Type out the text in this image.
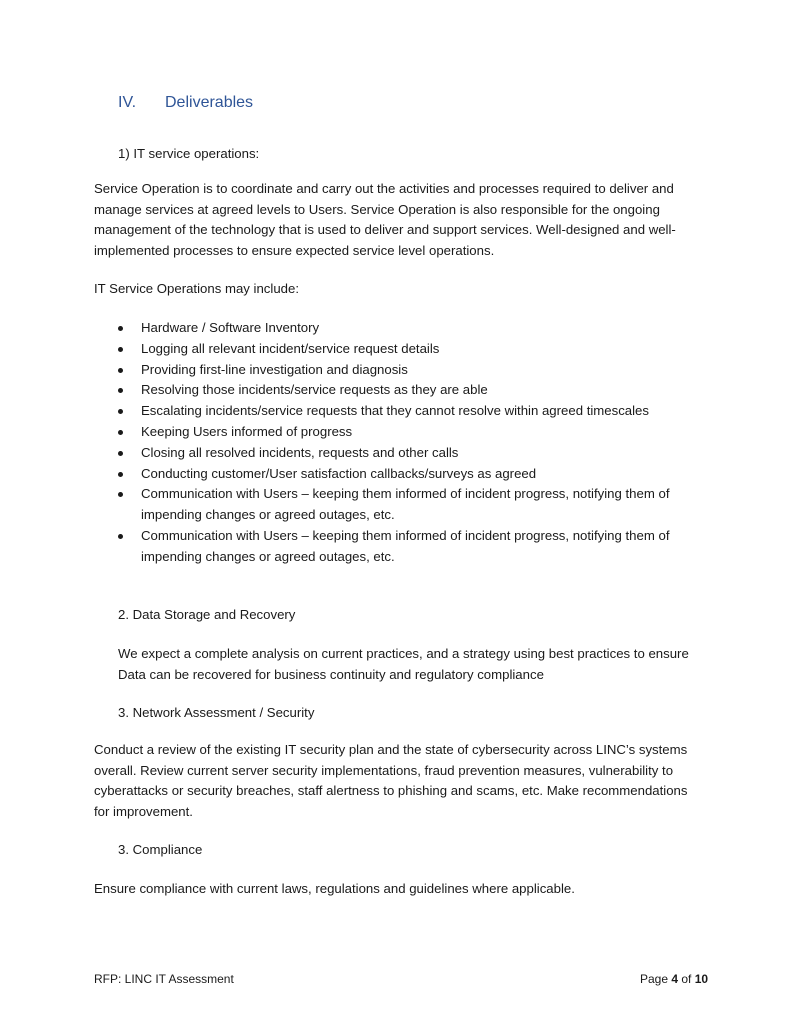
IV. Deliverables
1) IT service operations:
Service Operation is to coordinate and carry out the activities and processes required to deliver and
manage services at agreed levels to Users. Service Operation is also responsible for the ongoing
management of the technology that is used to deliver and support services. Well-designed and well-
implemented processes to ensure expected service level operations.
IT Service Operations may include:
Hardware / Software Inventory
Logging all relevant incident/service request details
Providing first-line investigation and diagnosis
Resolving those incidents/service requests as they are able
Escalating incidents/service requests that they cannot resolve within agreed timescales
Keeping Users informed of progress
Closing all resolved incidents, requests and other calls
Conducting customer/User satisfaction callbacks/surveys as agreed
Communication with Users – keeping them informed of incident progress, notifying them of
impending changes or agreed outages, etc.
Communication with Users – keeping them informed of incident progress, notifying them of
impending changes or agreed outages, etc.
2. Data Storage and Recovery
We expect a complete analysis on current practices, and a strategy using best practices to ensure
Data can be recovered for business continuity and regulatory compliance
3. Network Assessment / Security
Conduct a review of the existing IT security plan and the state of cybersecurity across LINC’s systems
overall. Review current server security implementations, fraud prevention measures, vulnerability to
cyberattacks or security breaches, staff alertness to phishing and scams, etc. Make recommendations
for improvement.
3. Compliance
Ensure compliance with current laws, regulations and guidelines where applicable.
RFP: LINC IT Assessment	Page 4 of 10
